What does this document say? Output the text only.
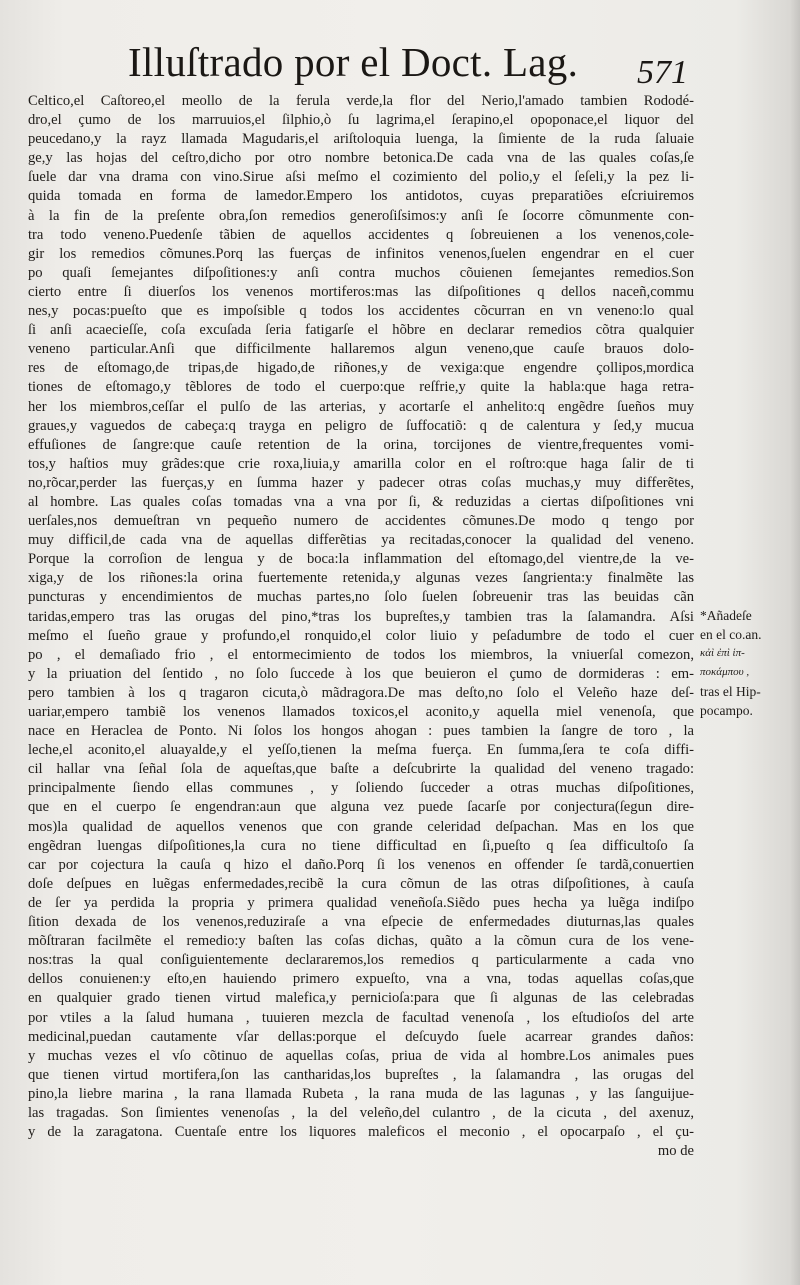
Illuſtrado por el Doct. Lag. 571
Celtico,el Caſtoreo,el meollo de la ferula verde,la flor del Nerio,l'amado tambien Rododé-
dro,el çumo de los marruuios,el ſilphio,ò ſu lagrima,el ſerapino,el opoponace,el liquor del
peucedano,y la rayz llamada Magudaris,el ariſtoloquia luenga, la ſimiente de la ruda ſaluaie
ge,y las hojas del ceſtro,dicho por otro nombre betonica.De cada vna de las quales coſas,ſe
ſuele dar vna drama con vino.Sirue aſsi meſmo el cozimiento del polio,y el ſeſeli,y la pez li-
quida tomada en forma de lamedor.Empero los antidotos, cuyas preparatiões eſcriuiremos
à la fin de la preſente obra,ſon remedios generoſiſsimos:y anſi ſe ſocorre cõmunmente con-
tra todo veneno.Puedenſe tãbien de aquellos accidentes q ſobreuienen a los venenos,cole-
gir los remedios cõmunes.Porq las fuerças de infinitos venenos,ſuelen engendrar en el cuer
po quaſi ſemejantes diſpoſitiones:y anſi contra muchos cõuienen ſemejantes remedios.Son
cierto entre ſi diuerſos los venenos mortiferos:mas las diſpoſitiones q dellos naceñ,commu
nes,y pocas:pueſto que es impoſsible q todos los accidentes cõcurran en vn veneno:lo qual
ſi anſi acaecieſſe, coſa excuſada ſeria fatigarſe el hõbre en declarar remedios cõtra qualquier
veneno particular.Anſi que difficilmente hallaremos algun veneno,que cauſe brauos dolo-
res de eſtomago,de tripas,de higado,de riñones,y de vexiga:que engendre çollipos,mordica
tiones de eſtomago,y tẽblores de todo el cuerpo:que reſfrie,y quite la habla:que haga retra-
her los miembros,ceſſar el pulſo de las arterias, y acortarſe el anhelito:q engẽdre ſueños muy
graues,y vaguedos de cabeça:q trayga en peligro de ſuffocatiõ: q de calentura y ſed,y mucua
effuſiones de ſangre:que cauſe retention de la orina, torcijones de vientre,frequentes vomi-
tos,y haſtios muy grãdes:que crie roxa,liuia,y amarilla color en el roſtro:que haga ſalir de ti
no,rõcar,perder las fuerças,y en ſumma hazer y padecer otras coſas muchas,y muy differẽtes,
al hombre. Las quales coſas tomadas vna a vna por ſi, & reduzidas a ciertas diſpoſitiones vni
uerſales,nos demueſtran vn pequeño numero de accidentes cõmunes.De modo q tengo por
muy difficil,de cada vna de aquellas differẽtias ya recitadas,conocer la qualidad del veneno.
Porque la corroſion de lengua y de boca:la inflammation del eſtomago,del vientre,de la ve-
xiga,y de los riñones:la orina fuertemente retenida,y algunas vezes ſangrienta:y finalmẽte las
puncturas y encendimientos de muchas partes,no ſolo ſuelen ſobreuenir tras las beuidas cãn
taridas,empero tras las orugas del pino,*tras los bupreſtes,y tambien tras la ſalamandra. Aſsi
meſmo el ſueño graue y profundo,el ronquido,el color liuio y peſadumbre de todo el cuer
po , el demaſiado frio , el entormecimiento de todos los miembros, la vniuerſal comezon,
y la priuation del ſentido , no ſolo ſuccede à los que beuieron el çumo de dormideras : em-
pero tambien à los q tragaron cicuta,ò mãdragora.De mas deſto,no ſolo el Veleño haze deſ-
uariar,empero tambiẽ los venenos llamados toxicos,el aconito,y aquella miel venenoſa, que
nace en Heraclea de Ponto. Ni ſolos los hongos ahogan : pues tambien la ſangre de toro , la
leche,el aconito,el aluayalde,y el yeſſo,tienen la meſma fuerça. En ſumma,ſera te coſa diffi-
cil hallar vna ſeñal ſola de aqueſtas,que baſte a deſcubrirte la qualidad del veneno tragado:
principalmente ſiendo ellas communes , y ſoliendo ſucceder a otras muchas diſpoſitiones,
que en el cuerpo ſe engendran:aun que alguna vez puede ſacarſe por conjectura(ſegun dire-
mos)la qualidad de aquellos venenos que con grande celeridad deſpachan. Mas en los que
engẽdran luengas diſpoſitiones,la cura no tiene difficultad en ſi,pueſto q ſea difficultoſo ſa
car por cojectura la cauſa q hizo el daño.Porq ſi los venenos en offender ſe tardã,conuertien
doſe deſpues en luẽgas enfermedades,recibẽ la cura cõmun de las otras diſpoſitiones, à cauſa
de ſer ya perdida la propria y primera qualidad veneñoſa.Siẽdo pues hecha ya luẽga indiſpo
ſition dexada de los venenos,reduziraſe a vna eſpecie de enfermedades diuturnas,las quales
mõſtraran facilmẽte el remedio:y baſten las coſas dichas, quãto a la cõmun cura de los vene-
nos:tras la qual conſiguientemente declararemos,los remedios q particularmente a cada vno
dellos conuienen:y eſto,en hauiendo primero expueſto, vna a vna, todas aquellas coſas,que
en qualquier grado tienen virtud malefica,y pernicioſa:para que ſi algunas de las celebradas
por vtiles a la ſalud humana , tuuieren mezcla de facultad venenoſa , los eſtudioſos del arte
medicinal,puedan cautamente vſar dellas:porque el deſcuydo ſuele acarrear grandes daños:
y muchas vezes el vſo cõtinuo de aquellas coſas, priua de vida al hombre.Los animales pues
que tienen virtud mortifera,ſon las cantharidas,los bupreſtes , la ſalamandra , las orugas del
pino,la liebre marina , la rana llamada Rubeta , la rana muda de las lagunas , y las ſanguijue-
las tragadas. Son ſimientes venenoſas , la del veleño,del culantro , de la cicuta , del axenuz,
y de la zaragatona. Cuentaſe entre los liquores maleficos el meconio , el opocarpaſo , el çu-
mo de
*Añadeſe
en el co.an.
κἀὶ ἐπὶ ἱπ-
ποκάμπου ,
tras el Hip-
pocampo.
